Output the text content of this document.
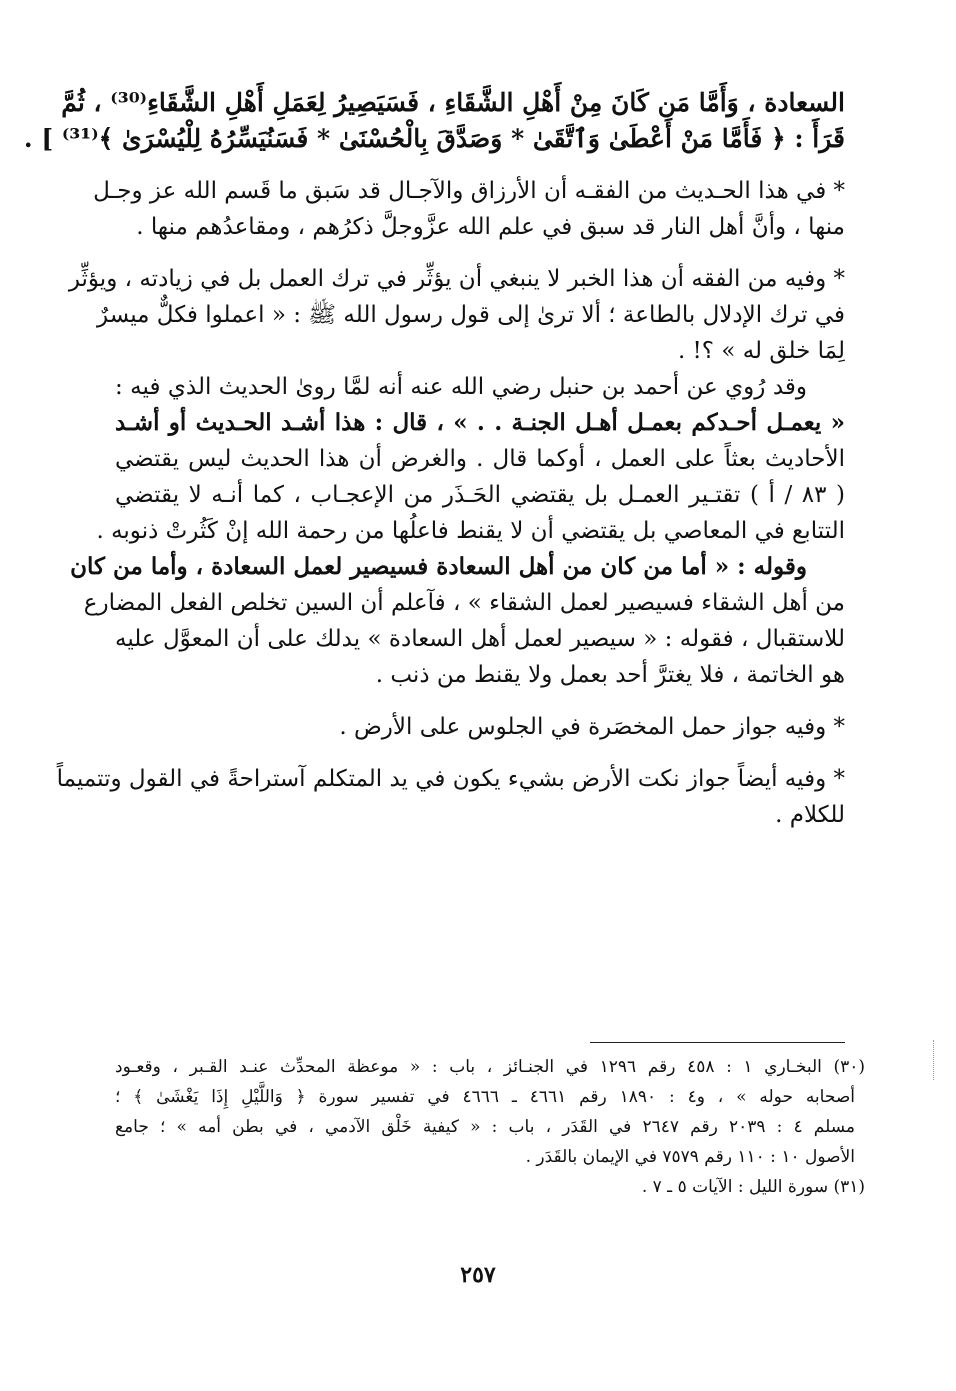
السعادة ، وَأَمَّا مَن كَانَ مِنْ أَهْلِ الشَّقَاءِ ، فَسَيَصِيرُ لِعَمَلِ أَهْلِ الشَّقَاءِ⁽³⁰⁾ ، ثُمَّ
قَرَأَ : ﴿ فَأَمَّا مَنْ أَعْطَىٰ وَٱتَّقَىٰ * وَصَدَّقَ بِالْحُسْنَىٰ * فَسَنُيَسِّرُهُ لِلْيُسْرَىٰ ﴾⁽³¹⁾ ] .
* في هذا الحـديث من الفقـه أن الأرزاق والآجـال قد سَبق ما قَسم الله عز وجـل
منها ، وأنَّ أهل النار قد سبق في علم الله عزَّوجلَّ ذكرُهم ، ومقاعدُهم منها .
* وفيه من الفقه أن هذا الخبر لا ينبغي أن يؤثِّر في ترك العمل بل في زيادته ، ويؤثِّر
في ترك الإدلال بالطاعة ؛ ألا ترىٰ إلى قول رسول الله ﷺ : « اعملوا فكلٌّ ميسرٌ
لِمَا خلق له » ؟! .
وقد رُوي عن أحمد بن حنبل رضي الله عنه أنه لمَّا روىٰ الحديث الذي فيه :
« يعمـل أحـدكم بعمـل أهـل الجنـة . . » ، قال : هذا أشـد الحـديث أو أشـد
الأحاديث بعثاً على العمل ، أوكما قال . والغرض أن هذا الحديث ليس يقتضي
( ٨٣ / أ ) تقتـير العمـل بل يقتضي الحَـذَر من الإعجـاب ، كما أنـه لا يقتضي
التتابع في المعاصي بل يقتضي أن لا يقنط فاعلُها من رحمة الله إنْ كَثُرتْ ذنوبه .
وقوله : « أما من كان من أهل السعادة فسيصير لعمل السعادة ، وأما من كان
من أهل الشقاء فسيصير لعمل الشقاء » ، فآعلم أن السين تخلص الفعل المضارع
للاستقبال ، فقوله : « سيصير لعمل أهل السعادة » يدلك على أن المعوَّل عليه
هو الخاتمة ، فلا يغترَّ أحد بعمل ولا يقنط من ذنب .
* وفيه جواز حمل المخصَرة في الجلوس على الأرض .
* وفيه أيضاً جواز نكت الأرض بشيء يكون في يد المتكلم آستراحةً في القول وتتميماً
للكلام .
(٣٠) البخـاري ١ : ٤٥٨ رقم ١٢٩٦ في الجنـائز ، باب : « موعظة المحدِّث عنـد القـبر ، وقعـود
أصحابه حوله » ، و٤ : ١٨٩٠ رقم ٤٦٦١ ـ ٤٦٦٦ في تفسير سورة ﴿ وَاللَّيْلِ إِذَا يَغْشَىٰ ﴾ ؛
مسلم ٤ : ٢٠٣٩ رقم ٢٦٤٧ في القَدَر ، باب : « كيفية خَلْق الآدمي ، في بطن أمه » ؛ جامع
الأصول ١٠ : ١١٠ رقم ٧٥٧٩ في الإيمان بالقَدَر .
(٣١) سورة الليل : الآيات ٥ ـ ٧ .
٢٥٧
